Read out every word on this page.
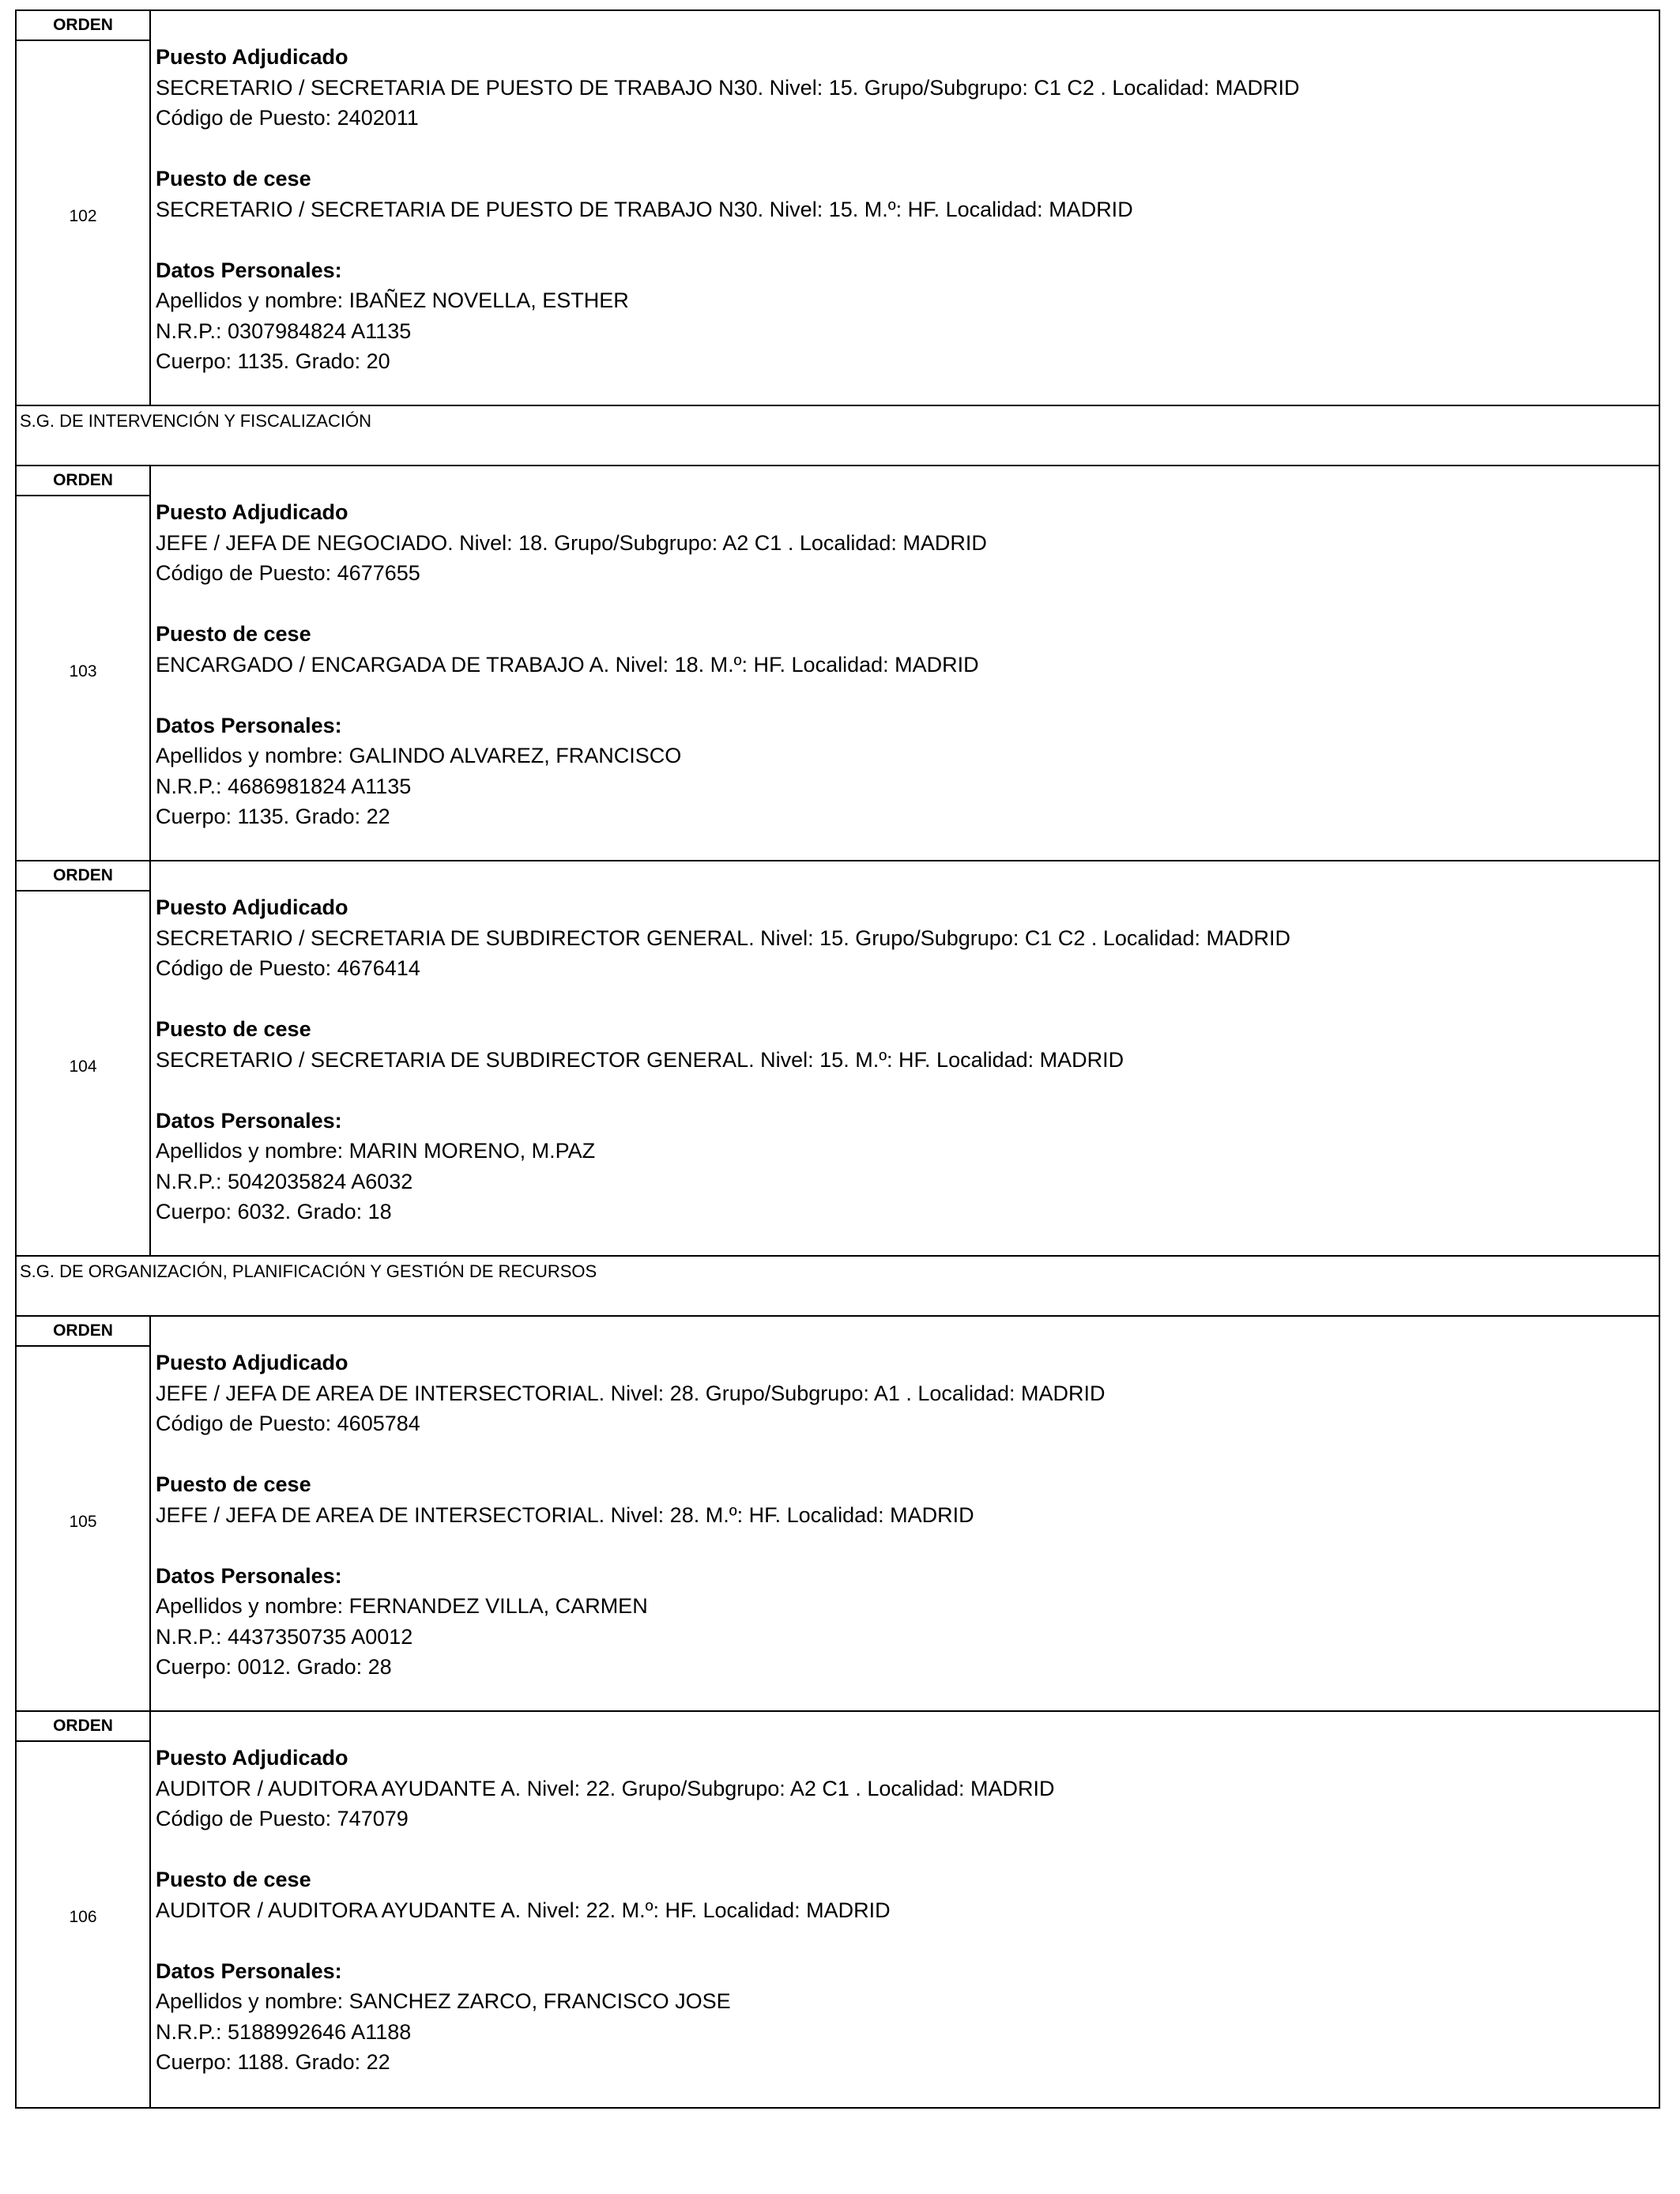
ORDEN
102
Puesto Adjudicado
SECRETARIO / SECRETARIA DE PUESTO DE TRABAJO N30. Nivel: 15. Grupo/Subgrupo: C1 C2 . Localidad: MADRID
Código de Puesto: 2402011
Puesto de cese
SECRETARIO / SECRETARIA DE PUESTO DE TRABAJO N30. Nivel: 15. M.º: HF. Localidad: MADRID
Datos Personales:
Apellidos y nombre: IBAÑEZ NOVELLA, ESTHER
N.R.P.: 0307984824 A1135
Cuerpo: 1135. Grado: 20
S.G. DE INTERVENCIÓN Y FISCALIZACIÓN
ORDEN
103
Puesto Adjudicado
JEFE / JEFA DE NEGOCIADO. Nivel: 18. Grupo/Subgrupo: A2 C1 . Localidad: MADRID
Código de Puesto: 4677655
Puesto de cese
ENCARGADO / ENCARGADA DE TRABAJO A. Nivel: 18. M.º: HF. Localidad: MADRID
Datos Personales:
Apellidos y nombre: GALINDO ALVAREZ, FRANCISCO
N.R.P.: 4686981824 A1135
Cuerpo: 1135. Grado: 22
ORDEN
104
Puesto Adjudicado
SECRETARIO / SECRETARIA DE SUBDIRECTOR GENERAL. Nivel: 15. Grupo/Subgrupo: C1 C2 . Localidad: MADRID
Código de Puesto: 4676414
Puesto de cese
SECRETARIO / SECRETARIA DE SUBDIRECTOR GENERAL. Nivel: 15. M.º: HF. Localidad: MADRID
Datos Personales:
Apellidos y nombre: MARIN MORENO, M.PAZ
N.R.P.: 5042035824 A6032
Cuerpo: 6032. Grado: 18
S.G. DE ORGANIZACIÓN, PLANIFICACIÓN Y GESTIÓN DE RECURSOS
ORDEN
105
Puesto Adjudicado
JEFE / JEFA DE AREA DE INTERSECTORIAL. Nivel: 28. Grupo/Subgrupo: A1 . Localidad: MADRID
Código de Puesto: 4605784
Puesto de cese
JEFE / JEFA DE AREA DE INTERSECTORIAL. Nivel: 28. M.º: HF. Localidad: MADRID
Datos Personales:
Apellidos y nombre: FERNANDEZ VILLA, CARMEN
N.R.P.: 4437350735 A0012
Cuerpo: 0012. Grado: 28
ORDEN
106
Puesto Adjudicado
AUDITOR / AUDITORA AYUDANTE A. Nivel: 22. Grupo/Subgrupo: A2 C1 . Localidad: MADRID
Código de Puesto: 747079
Puesto de cese
AUDITOR / AUDITORA AYUDANTE A. Nivel: 22. M.º: HF. Localidad: MADRID
Datos Personales:
Apellidos y nombre: SANCHEZ ZARCO, FRANCISCO JOSE
N.R.P.: 5188992646 A1188
Cuerpo: 1188. Grado: 22
